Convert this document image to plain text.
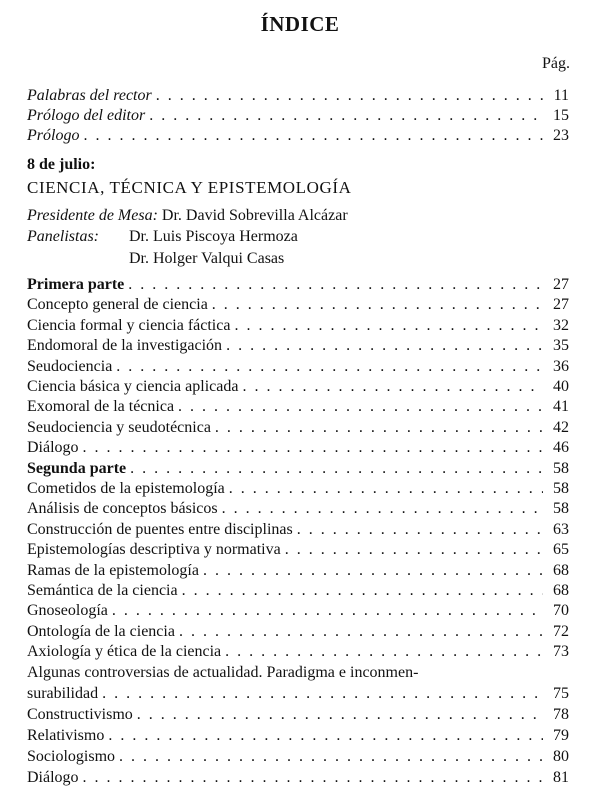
ÍNDICE
Pág.
Palabras del rector . . .	11
Prólogo del editor . . .	15
Prólogo . . .	23
8 de julio:
CIENCIA, TÉCNICA Y EPISTEMOLOGÍA
Presidente de Mesa: Dr. David Sobrevilla Alcázar
Panelistas: Dr. Luis Piscoya Hermoza
Dr. Holger Valqui Casas
Primera parte . . .	27
Concepto general de ciencia . . .	27
Ciencia formal y ciencia fáctica . . .	32
Endomoral de la investigación . . .	35
Seudociencia . . .	36
Ciencia básica y ciencia aplicada . . .	40
Exomoral de la técnica . . .	41
Seudociencia y seudotécnica . . .	42
Diálogo . . .	46
Segunda parte . . .	58
Cometidos de la epistemología . . .	58
Análisis de conceptos básicos . . .	58
Construcción de puentes entre disciplinas . . .	63
Epistemologías descriptiva y normativa . . .	65
Ramas de la epistemología . . .	68
Semántica de la ciencia . . .	68
Gnoseología . . .	70
Ontología de la ciencia . . .	72
Axiología y ética de la ciencia . . .	73
Algunas controversias de actualidad. Paradigma e inconmen-
surabilidad . . .	75
Constructivismo . . .	78
Relativismo . . .	79
Sociologismo . . .	80
Diálogo . . .	81
